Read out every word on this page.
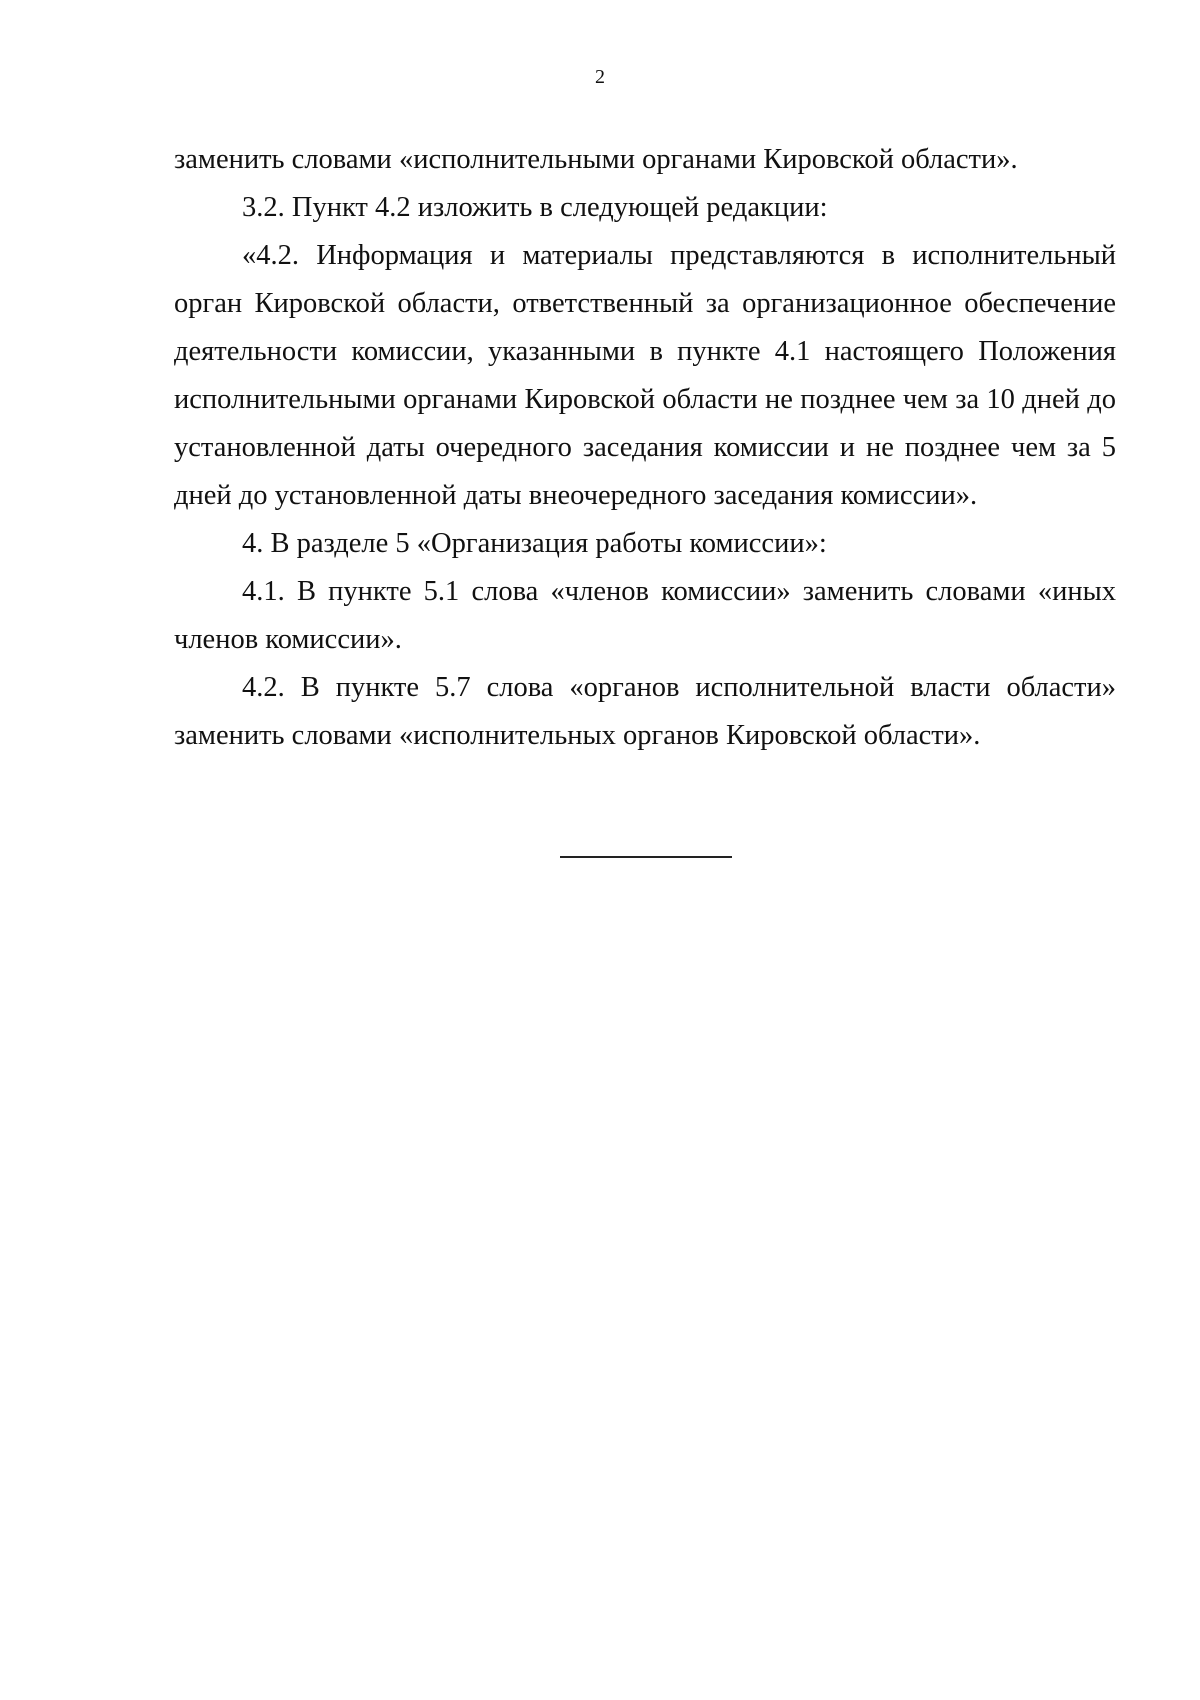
2

заменить словами «исполнительными органами Кировской области».

3.2. Пункт 4.2 изложить в следующей редакции:

«4.2. Информация и материалы представляются в исполнительный орган Кировской области, ответственный за организационное обеспечение деятельности комиссии, указанными в пункте 4.1 настоящего Положения исполнительными органами Кировской области не позднее чем за 10 дней до установленной даты очередного заседания комиссии и не позднее чем за 5 дней до установленной даты внеочередного заседания комиссии».

4. В разделе 5 «Организация работы комиссии»:

4.1. В пункте 5.1 слова «членов комиссии» заменить словами «иных членов комиссии».

4.2. В пункте 5.7 слова «органов исполнительной власти области» заменить словами «исполнительных органов Кировской области».
